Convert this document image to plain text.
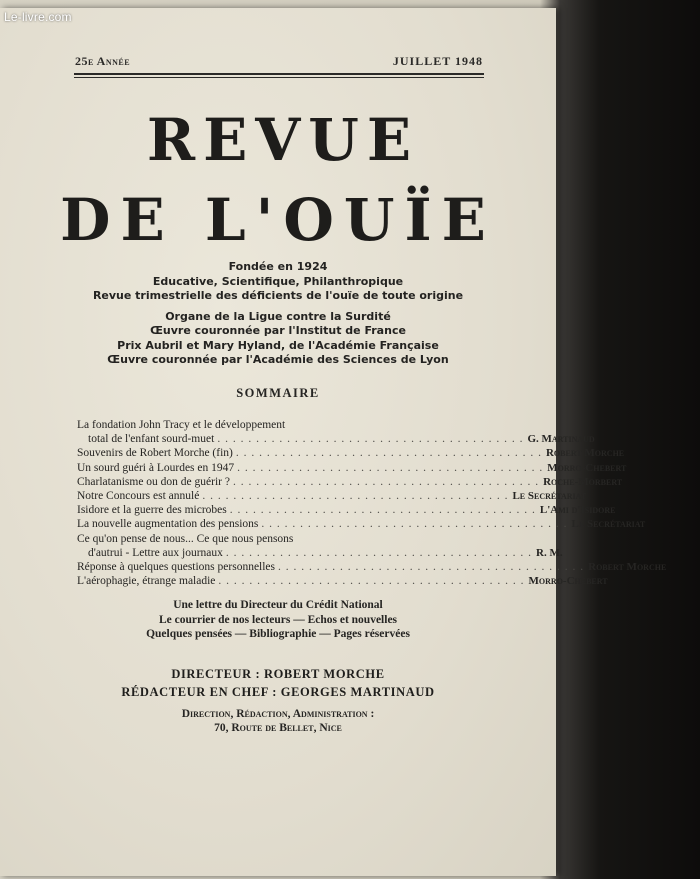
Le-livre.com
25e Année	JUILLET 1948
REVUE
DE L'OUÏE
Fondée en 1924
Educative, Scientifique, Philanthropique
Revue trimestrielle des déficients de l'ouïe de toute origine
Organe de la Ligue contre la Surdité
Œuvre couronnée par l'Institut de France
Prix Aubril et Mary Hyland, de l'Académie Française
Œuvre couronnée par l'Académie des Sciences de Lyon
SOMMAIRE
La fondation John Tracy et le développement
total de l'enfant sourd-muet . . . . . . . . . . . . . . . . . . . . . . . . . . . . . . . . . . . . . . . . G. Martinaud
Souvenirs de Robert Morche (fin) . . . . . . . . . . . . . . . . . . . . . . . . . . . . . . . . . . . . . . . . Robert Morche
Un sourd guéri à Lourdes en 1947 . . . . . . . . . . . . . . . . . . . . . . . . . . . . . . . . . . . . . . . . Morro-Chebert
Charlatanisme ou don de guérir ? . . . . . . . . . . . . . . . . . . . . . . . . . . . . . . . . . . . . . . . . Roche-Morbert
Notre Concours est annulé . . . . . . . . . . . . . . . . . . . . . . . . . . . . . . . . . . . . . . . . Le Secrétariat
Isidore et la guerre des microbes . . . . . . . . . . . . . . . . . . . . . . . . . . . . . . . . . . . . . . . . L'Ami d'Isidore
La nouvelle augmentation des pensions . . . . . . . . . . . . . . . . . . . . . . . . . . . . . . . . . . . . . . . . Le Secrétariat
Ce qu'on pense de nous... Ce que nous pensons
d'autrui - Lettre aux journaux . . . . . . . . . . . . . . . . . . . . . . . . . . . . . . . . . . . . . . . . R. M.
Réponse à quelques questions personnelles . . . . . . . . . . . . . . . . . . . . . . . . . . . . . . . . . . . . . . . . Robert Morche
L'aérophagie, étrange maladie . . . . . . . . . . . . . . . . . . . . . . . . . . . . . . . . . . . . . . . . Morro-Chebert
Une lettre du Directeur du Crédit National
Le courrier de nos lecteurs — Echos et nouvelles
Quelques pensées — Bibliographie — Pages réservées
DIRECTEUR : ROBERT MORCHE
RÉDACTEUR EN CHEF : GEORGES MARTINAUD
Direction, Rédaction, Administration :
70, Route de Bellet, Nice
